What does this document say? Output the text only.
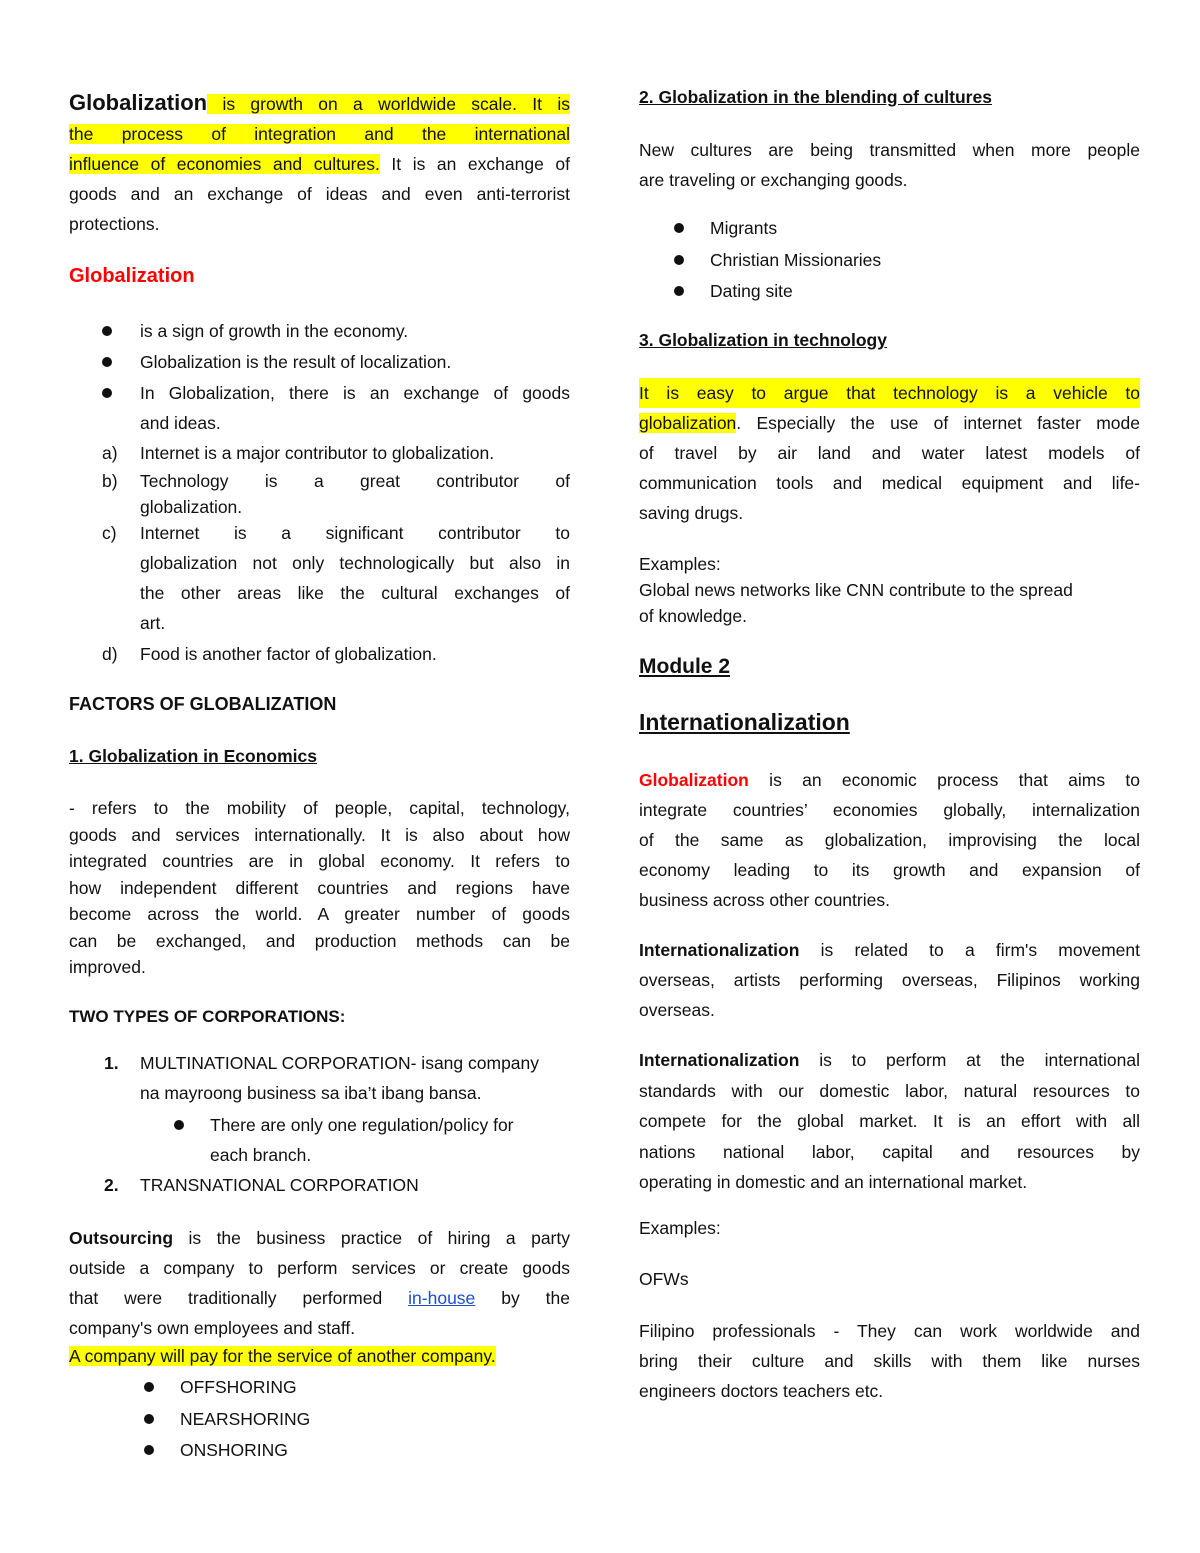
Globalization is growth on a worldwide scale. It is

the process of integration and the international

influence of economies and cultures. It is an exchange of

goods and an exchange of ideas and even anti-terrorist

protections.

Globalization
is a sign of growth in the economy.
Globalization is the result of localization.
In Globalization, there is an exchange of goods
and ideas.
a) Internet is a major contributor to globalization.
b) Technology is a great contributor of
globalization.
c) Internet is a significant contributor to
globalization not only technologically but also in
the other areas like the cultural exchanges of
art.
d) Food is another factor of globalization.
FACTORS OF GLOBALIZATION
1. Globalization in Economics

- refers to the mobility of people, capital, technology,

goods and services internationally. It is also about how

integrated countries are in global economy. It refers to

how independent different countries and regions have

become across the world. A greater number of goods

can be exchanged, and production methods can be

improved.

TWO TYPES OF CORPORATIONS:
1. MULTINATIONAL CORPORATION- isang company
na mayroong business sa iba’t ibang bansa.
There are only one regulation/policy for
each branch.
2. TRANSNATIONAL CORPORATION

Outsourcing is the business practice of hiring a party

outside a company to perform services or create goods

that were traditionally performed in-house by the

company's own employees and staff.

A company will pay for the service of another company.

OFFSHORING
NEARSHORING
ONSHORING
2. Globalization in the blending of cultures

New cultures are being transmitted when more people

are traveling or exchanging goods.

Migrants
Christian Missionaries
Dating site
3. Globalization in technology

It is easy to argue that technology is a vehicle to

globalization. Especially the use of internet faster mode

of travel by air land and water latest models of

communication tools and medical equipment and life-

saving drugs.

Examples:

Global news networks like CNN contribute to the spread

of knowledge.

Module 2
Internationalization

Globalization is an economic process that aims to

integrate countries’ economies globally, internalization

of the same as globalization, improvising the local

economy leading to its growth and expansion of

business across other countries.

Internationalization is related to a firm's movement

overseas, artists performing overseas, Filipinos working

overseas.

Internationalization is to perform at the international

standards with our domestic labor, natural resources to

compete for the global market. It is an effort with all

nations national labor, capital and resources by

operating in domestic and an international market.

Examples:
OFWs

Filipino professionals - They can work worldwide and

bring their culture and skills with them like nurses

engineers doctors teachers etc.
